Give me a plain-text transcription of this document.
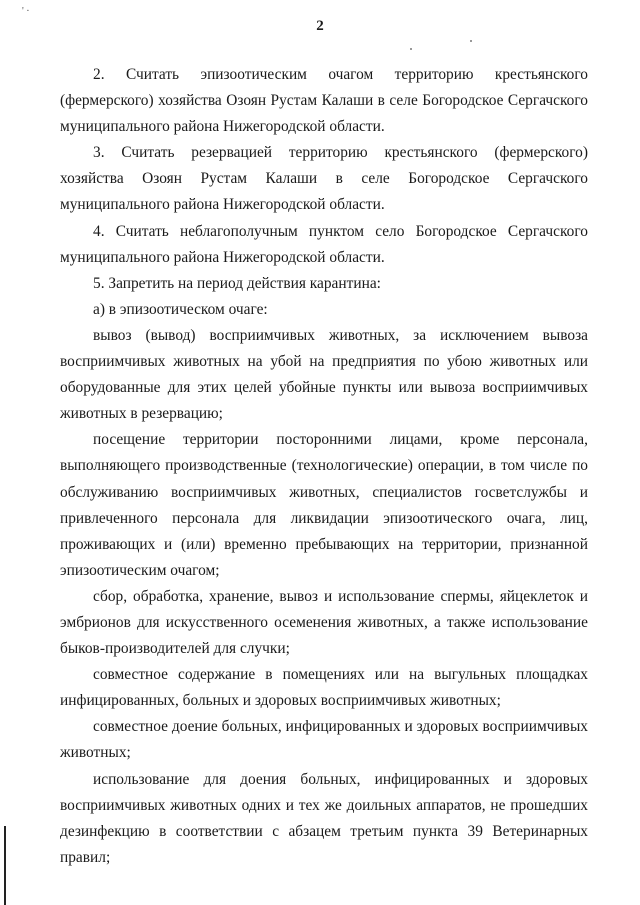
' ·
2

2. Считать эпизоотическим очагом территорию крестьянского (фермерского) хозяйства Озоян Рустам Калаши в селе Богородское Сергачского муниципального района Нижегородской области.

3. Считать резервацией территорию крестьянского (фермерского) хозяйства Озоян Рустам Калаши в селе Богородское Сергачского муниципального района Нижегородской области.

4. Считать неблагополучным пунктом село Богородское Сергачского муниципального района Нижегородской области.

5. Запретить на период действия карантина:

а) в эпизоотическом очаге:

вывоз (вывод) восприимчивых животных, за исключением вывоза восприимчивых животных на убой на предприятия по убою животных или оборудованные для этих целей убойные пункты или вывоза восприимчивых животных в резервацию;

посещение территории посторонними лицами, кроме персонала, выполняющего производственные (технологические) операции, в том числе по обслуживанию восприимчивых животных, специалистов госветслужбы и привлеченного персонала для ликвидации эпизоотического очага, лиц, проживающих и (или) временно пребывающих на территории, признанной эпизоотическим очагом;

сбор, обработка, хранение, вывоз и использование спермы, яйцеклеток и эмбрионов для искусственного осеменения животных, а также использование быков-производителей для случки;

совместное содержание в помещениях или на выгульных площадках инфицированных, больных и здоровых восприимчивых животных;

совместное доение больных, инфицированных и здоровых восприимчивых животных;

использование для доения больных, инфицированных и здоровых восприимчивых животных одних и тех же доильных аппаратов, не прошедших дезинфекцию в соответствии с абзацем третьим пункта 39 Ветеринарных правил;
